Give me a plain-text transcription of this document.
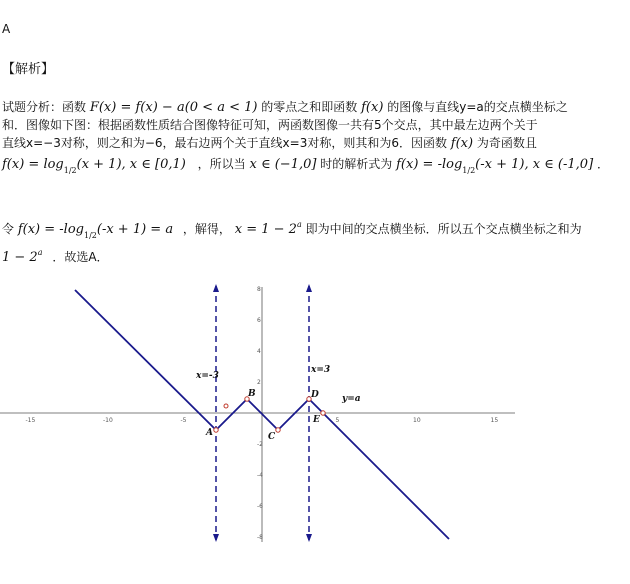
A
【解析】
试题分析：函数 F(x) = f(x) − a(0 < a < 1) 的零点之和即函数 f(x) 的图像与直线y=a的交点横坐标之
和．图像如下图：根据函数性质结合图像特征可知，两函数图像一共有5个交点，其中最左边两个关于
直线x=−3对称，则之和为−6，最右边两个关于直线x=3对称，则其和为6．因函数 f(x) 为奇函数且
$f(x) = \log_{1/2}(x + 1)$, x ∈ [0,1) ，所以当 x ∈ (−1,0] 时的解析式为 $f(x) = -\log_{1/2}(-x + 1)$, x ∈ (-1,0] ．
令 $f(x) = -\log_{1/2}(-x + 1) = a$ ，解得， $x = 1 - 2^a$ 即为中间的交点横坐标．所以五个交点横坐标之和为
$1 - 2^a$ ．故选A．
-15	-10	-5	5	10	15
8
6
4
2
-2
-4
-6
-8
A
B
C
D
E
x=-3
x=3
y=a
